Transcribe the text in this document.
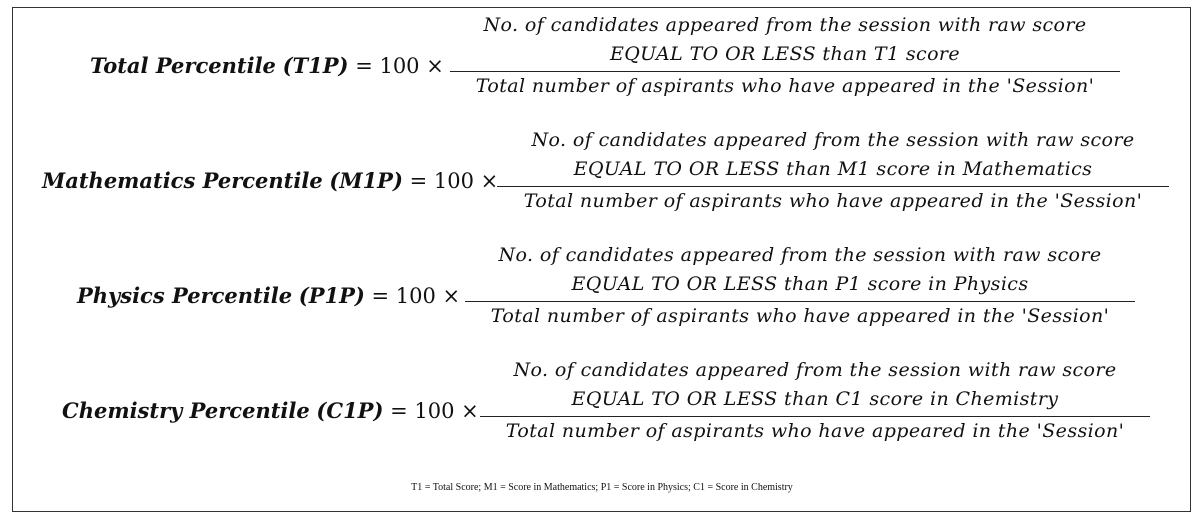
Total Percentile (T1P) = 100 ×
No. of candidates appeared from the session with raw score
EQUAL TO OR LESS than T1 score
Total number of aspirants who have appeared in the 'Session'
Mathematics Percentile (M1P) = 100 ×
No. of candidates appeared from the session with raw score
EQUAL TO OR LESS than M1 score in Mathematics
Total number of aspirants who have appeared in the 'Session'
Physics Percentile (P1P) = 100 ×
No. of candidates appeared from the session with raw score
EQUAL TO OR LESS than P1 score in Physics
Total number of aspirants who have appeared in the 'Session'
Chemistry Percentile (C1P) = 100 ×
No. of candidates appeared from the session with raw score
EQUAL TO OR LESS than C1 score in Chemistry
Total number of aspirants who have appeared in the 'Session'
T1 = Total Score; M1 = Score in Mathematics; P1 = Score in Physics; C1 = Score in Chemistry
